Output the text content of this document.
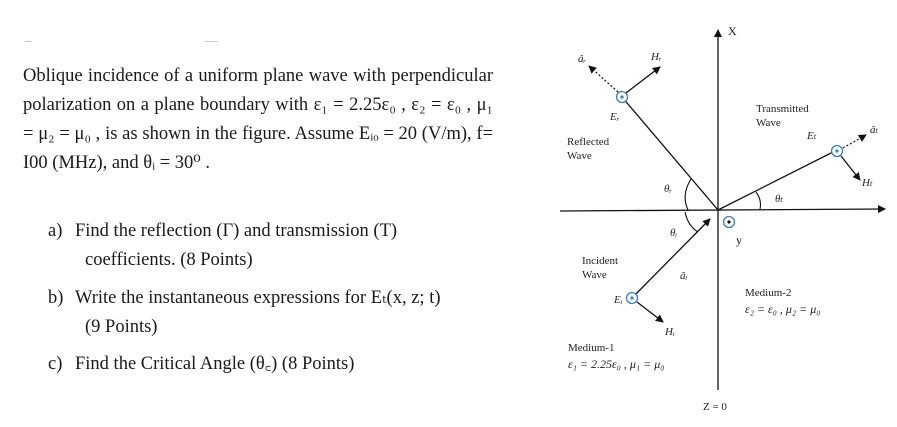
Oblique incidence of a uniform plane wave with perpendicular polarization on a plane boundary with ε₁ = 2.25ε₀ , ε₂ = ε₀ , μ₁ = μ₂ = μ₀ , is as shown in the figure. Assume Eᵢₒ = 20 (V/m), f= I00 (MHz), and θᵢ = 30⁰ .

a) Find the reflection (Γ) and transmission (T)
coefficients. (8 Points)
b) Write the instantaneous expressions for Eₜ(x, z; t)
(9 Points)
c) Find the Critical Angle (θ꜀) (8 Points)
X
Z = 0
y
âᵣ	Hᵣ
Eᵣ
Reflected
Wave
âₜ
Hₜ
Eₜ
Transmitted
Wave
Eᵢ
Hᵢ
âᵢ
Incident
Wave
θᵣ
θᵢ
θₜ
Medium-1
ε₁ = 2.25ε₀ , μ₁ = μ₀
Medium-2
ε₂ = ε₀ , μ₂ = μ₀
